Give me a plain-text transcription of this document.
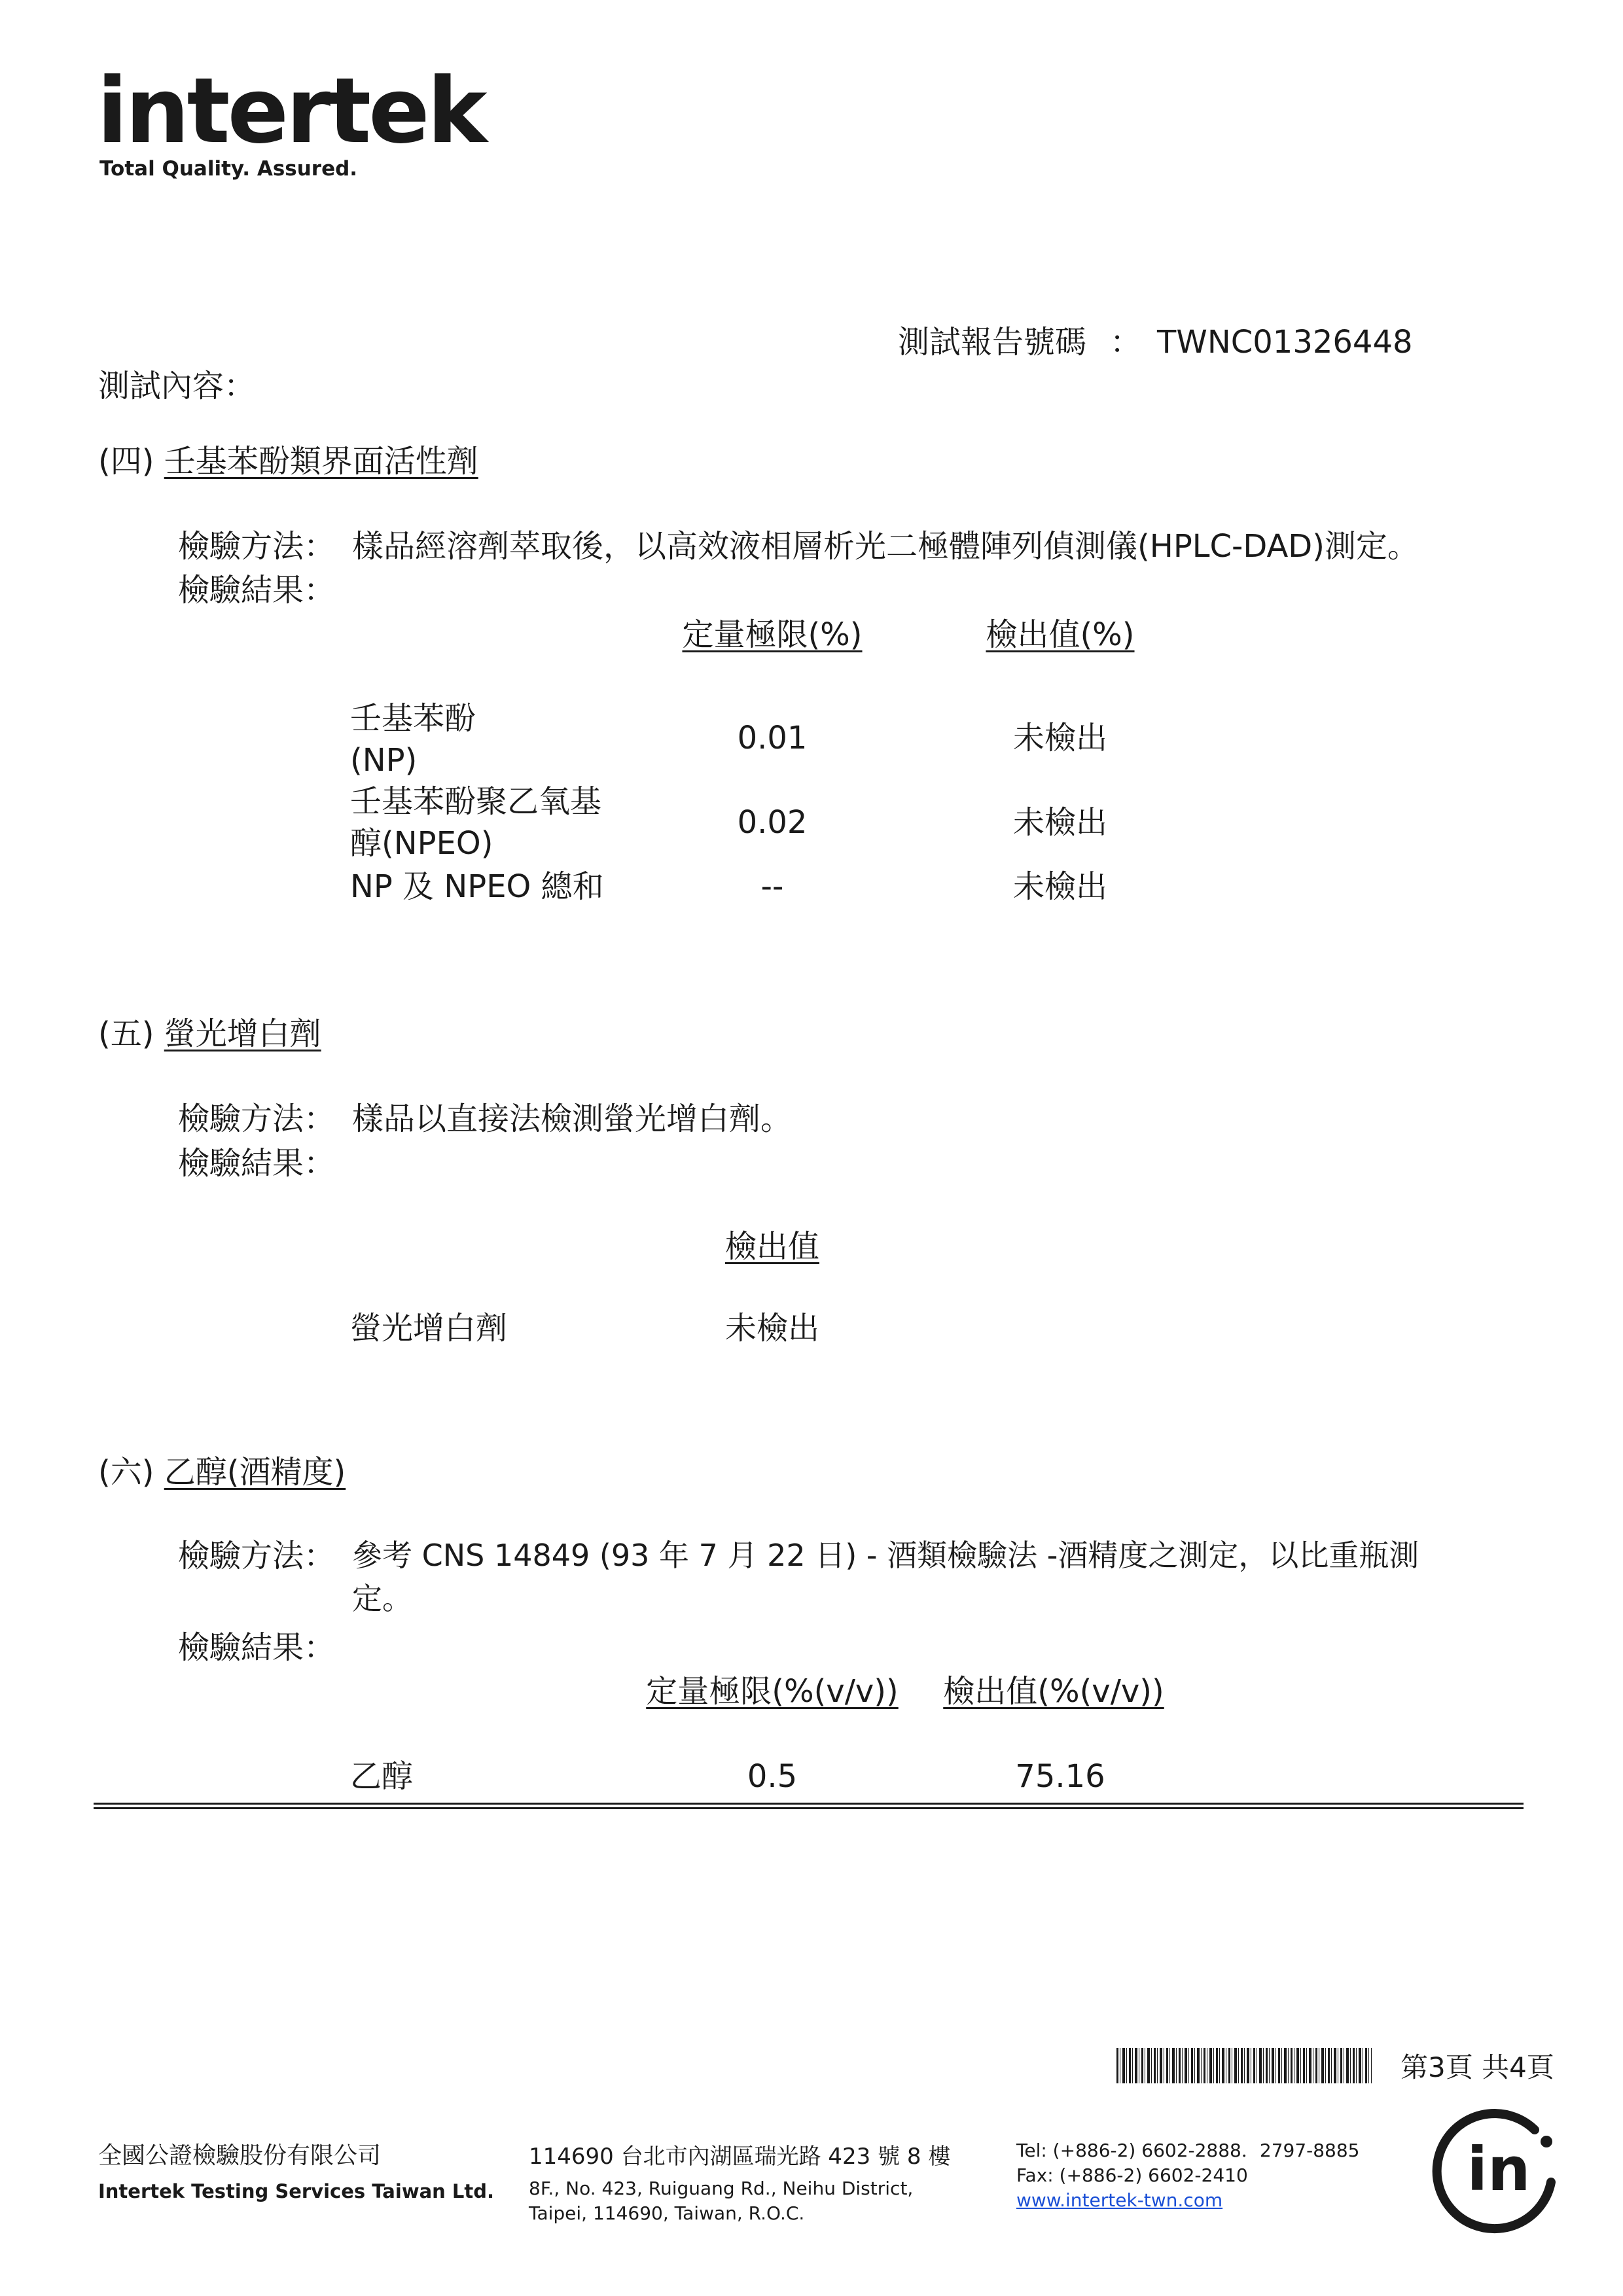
intertek
Total Quality. Assured.
測試報告號碼 ： TWNC01326448
測試內容：
(四) 壬基苯酚類界面活性劑
檢驗方法： 樣品經溶劑萃取後，以高效液相層析光二極體陣列偵測儀(HPLC-DAD)測定。
檢驗結果：
定量極限(%)	檢出值(%)
壬基苯酚
(NP)
0.01	未檢出
壬基苯酚聚乙氧基
醇(NPEO)
0.02	未檢出
NP 及 NPEO 總和	--	未檢出
(五) 螢光增白劑
檢驗方法： 樣品以直接法檢測螢光增白劑。
檢驗結果：
檢出值
螢光增白劑	未檢出
(六) 乙醇(酒精度)
檢驗方法： 參考 CNS 14849 (93 年 7 月 22 日) - 酒類檢驗法 -酒精度之測定，以比重瓶測
定。
檢驗結果：
定量極限(%(v/v))	檢出值(%(v/v))
乙醇	0.5	75.16
第3頁 共4頁
全國公證檢驗股份有限公司
Intertek Testing Services Taiwan Ltd.
114690 台北市內湖區瑞光路 423 號 8 樓
8F., No. 423, Ruiguang Rd., Neihu District,
Taipei, 114690, Taiwan, R.O.C.
Tel: (+886-2) 6602-2888．2797-8885
Fax: (+886-2) 6602-2410
www.intertek-twn.com	in
